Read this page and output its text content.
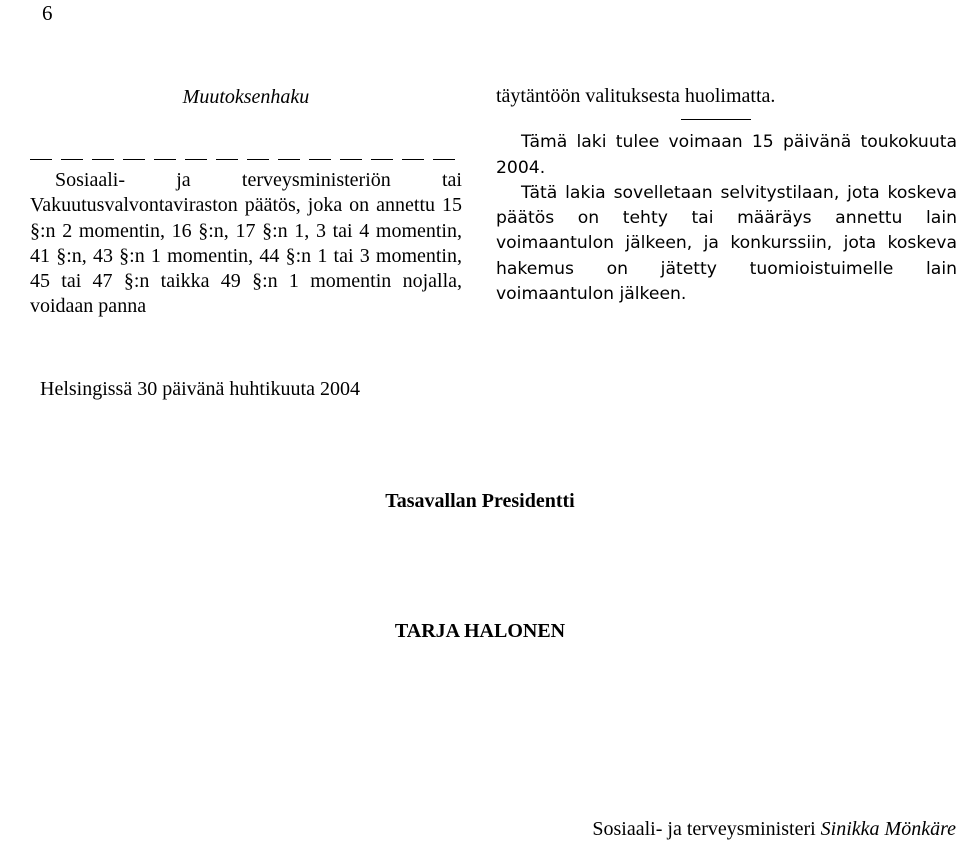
6

Muutoksenhaku

Sosiaali- ja terveysministeriön tai Vakuutusvalvontaviraston päätös, joka on annettu 15 §:n 2 momentin, 16 §:n, 17 §:n 1, 3 tai 4 momentin, 41 §:n, 43 §:n 1 momentin, 44 §:n 1 tai 3 momentin, 45 tai 47 §:n taikka 49 §:n 1 momentin nojalla, voidaan panna

täytäntöön valituksesta huolimatta.

Tämä laki tulee voimaan 15 päivänä toukokuuta 2004.

Tätä lakia sovelletaan selvitystilaan, jota koskeva päätös on tehty tai määräys annettu lain voimaantulon jälkeen, ja konkurssiin, jota koskeva hakemus on jätetty tuomioistuimelle lain voimaantulon jälkeen.

Helsingissä 30 päivänä huhtikuuta 2004
Tasavallan Presidentti
TARJA HALONEN
Sosiaali- ja terveysministeri Sinikka Mönkäre
